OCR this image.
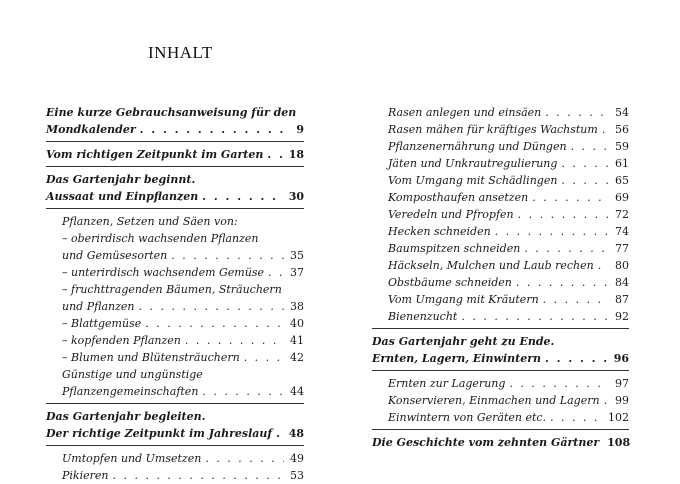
INHALT
Eine kurze Gebrauchsanweisung für den
Mondkalender . . .	9
Vom richtigen Zeitpunkt im Garten . . . 18
Das Gartenjahr beginnt.
Aussaat und Einpflanzen . . .	30
Pflanzen, Setzen und Säen von:
– oberirdisch wachsenden Pflanzen
und Gemüsesorten . . .	35
– unterirdisch wachsendem Gemüse . . . 37
– fruchttragenden Bäumen, Sträuchern
und Pflanzen . . .	38
– Blattgemüse . . .	40
– kopfenden Pflanzen . . .	41
– Blumen und Blütensträuchern . . .	42
Günstige und ungünstige
Pflanzengemeinschaften . . .	44
Das Gartenjahr begleiten.
Der richtige Zeitpunkt im Jahreslauf . . . 48
Umtopfen und Umsetzen . . .	49
Pikieren . . .	53
Rasen anlegen und einsäen . . .	54
Rasen mähen für kräftiges Wachstum . . . 56
Pflanzenernährung und Düngen . . .	59
Jäten und Unkrautregulierung . . .	61
Vom Umgang mit Schädlingen . . .	65
Komposthaufen ansetzen . . .	69
Veredeln und Pfropfen . . .	72
Hecken schneiden . . .	74
Baumspitzen schneiden . . .	77
Häckseln, Mulchen und Laub rechen . . . 80
Obstbäume schneiden . . .	84
Vom Umgang mit Kräutern . . .	87
Bienenzucht . . .	92
Das Gartenjahr geht zu Ende.
Ernten, Lagern, Einwintern . . .	96
Ernten zur Lagerung . . .	97
Konservieren, Einmachen und Lagern . . . 99
Einwintern von Geräten etc. . . .	102
Die Geschichte vom zehnten Gärtner 108
